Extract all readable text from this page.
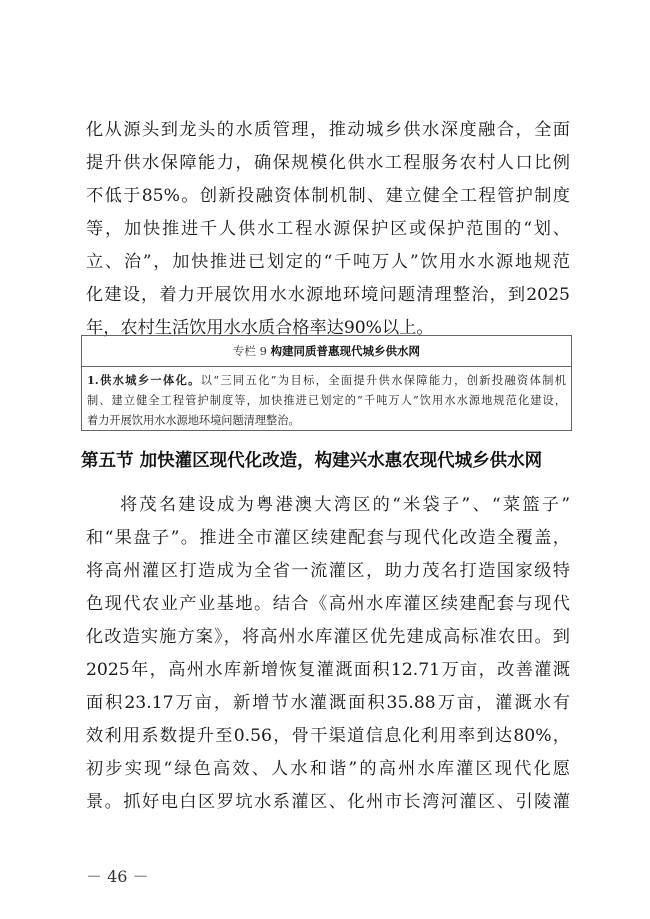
化从源头到龙头的水质管理，推动城乡供水深度融合，全面
提升供水保障能力，确保规模化供水工程服务农村人口比例
不低于85%。创新投融资体制机制、建立健全工程管护制度
等，加快推进千人供水工程水源保护区或保护范围的“划、
立、治”，加快推进已划定的“千吨万人”饮用水水源地规范
化建设，着力开展饮用水水源地环境问题清理整治，到2025
年，农村生活饮用水水质合格率达90%以上。
专栏 9 构建同质普惠现代城乡供水网
1.供水城乡一体化。以“三同五化”为目标，全面提升供水保障能力，创新投融资体制机
制、建立健全工程管护制度等，加快推进已划定的“千吨万人”饮用水水源地规范化建设，
着力开展饮用水水源地环境问题清理整治。
第五节 加快灌区现代化改造，构建兴水惠农现代城乡供水网
将茂名建设成为粤港澳大湾区的“米袋子”、“菜篮子”
和“果盘子”。推进全市灌区续建配套与现代化改造全覆盖，
将高州灌区打造成为全省一流灌区，助力茂名打造国家级特
色现代农业产业基地。结合《高州水库灌区续建配套与现代
化改造实施方案》，将高州水库灌区优先建成高标准农田。到
2025年，高州水库新增恢复灌溉面积12.71万亩，改善灌溉
面积23.17万亩，新增节水灌溉面积35.88万亩，灌溉水有
效利用系数提升至0.56，骨干渠道信息化利用率到达80%，
初步实现“绿色高效、人水和谐”的高州水库灌区现代化愿
景。抓好电白区罗坑水系灌区、化州市长湾河灌区、引陵灌
－ 46 －
